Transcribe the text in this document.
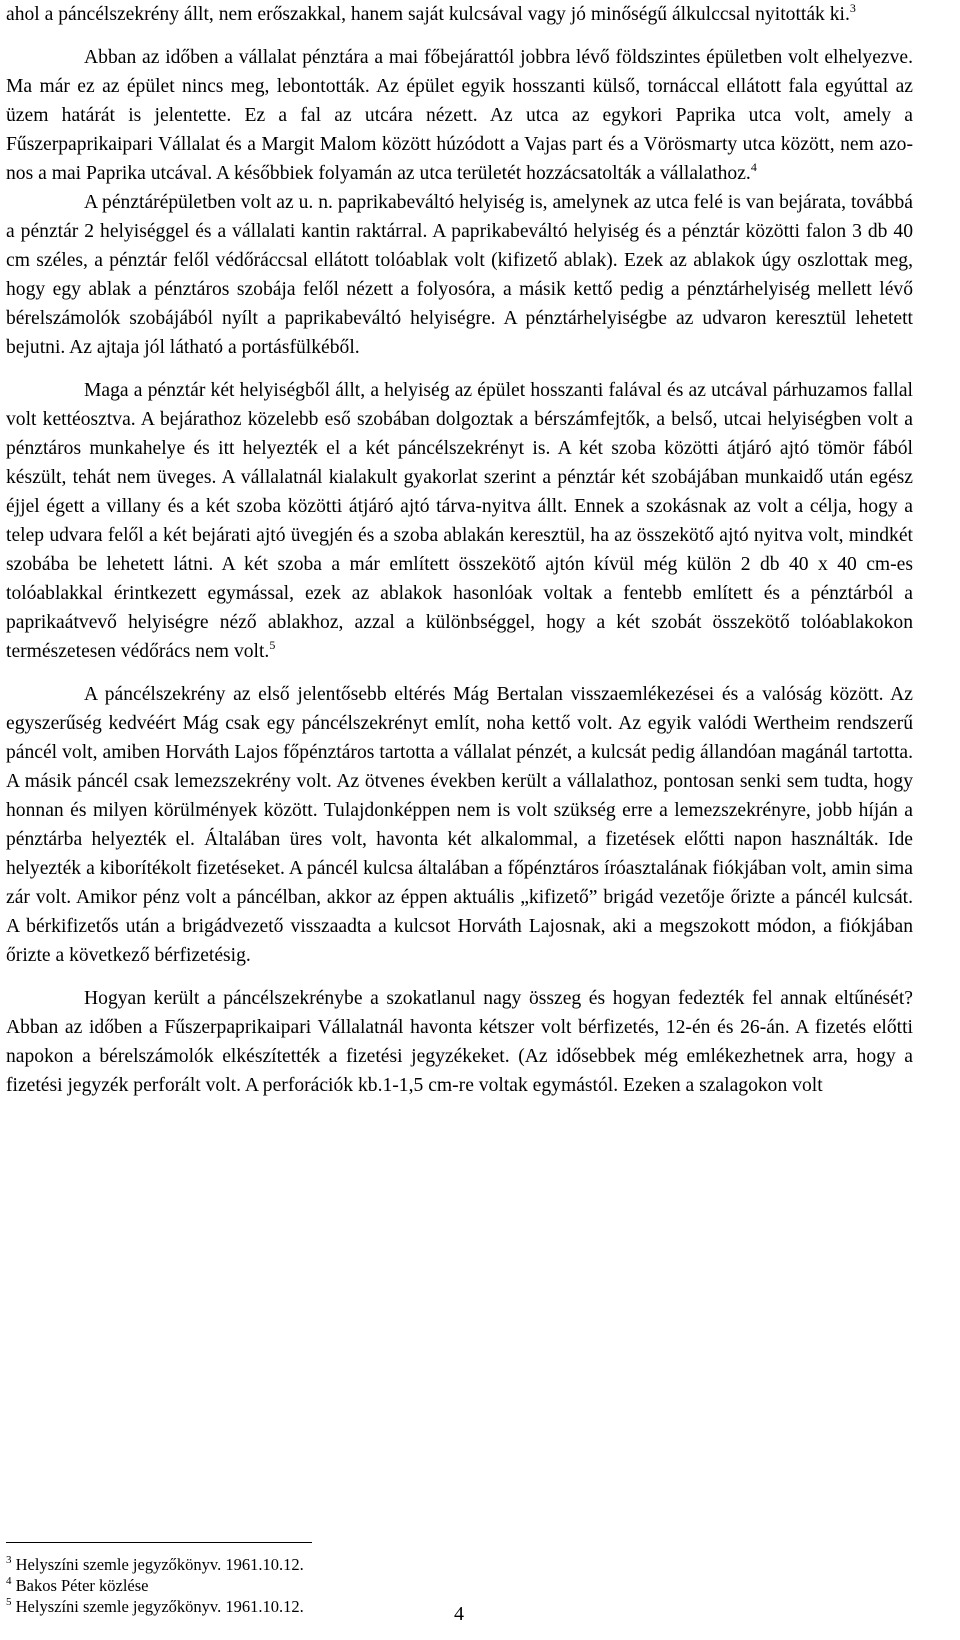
ahol a páncélszekrény állt, nem erőszakkal, hanem saját kulcsával vagy jó minőségű álkulccsal nyitották ki.$^3$

Abban az időben a vállalat pénztára a mai főbejárattól jobbra lévő földszintes épületben volt elhelyezve. Ma már ez az épület nincs meg, lebontották. Az épület egyik hosszanti külső, tornáccal ellátott fala egyúttal az üzem határát is jelentette. Ez a fal az utcára nézett. Az utca az egykori Paprika utca volt, amely a Fűszerpaprikaipari Vállalat és a Margit Malom között húzódott a Vajas part és a Vörösmarty utca között, nem azonos a mai Paprika utcával. A későbbiek folyamán az utca területét hozzácsatolták a vállalathoz.$^4$

A pénztárépületben volt az u. n. paprikabeváltó helyiség is, amelynek az utca felé is van bejárata, továbbá a pénztár 2 helyiséggel és a vállalati kantin raktárral. A paprikabeváltó helyiség és a pénztár közötti falon 3 db 40 cm széles, a pénztár felől védőráccsal ellátott tolóablak volt (kifizető ablak). Ezek az ablakok úgy oszlottak meg, hogy egy ablak a pénztáros szobája felől nézett a folyosóra, a másik kettő pedig a pénztárhelyiség mellett lévő bérelszámolók szobájából nyílt a paprikabeváltó helyiségre. A pénztárhelyiségbe az udvaron keresztül lehetett bejutni. Az ajtaja jól látható a portásfülkéből.

Maga a pénztár két helyiségből állt, a helyiség az épület hosszanti falával és az utcával párhuzamos fallal volt kettéosztva. A bejárathoz közelebb eső szobában dolgoztak a bérszámfejtők, a belső, utcai helyiségben volt a pénztáros munkahelye és itt helyezték el a két páncélszekrényt is. A két szoba közötti átjáró ajtó tömör fából készült, tehát nem üveges. A vállalatnál kialakult gyakorlat szerint a pénztár két szobájában munkaidő után egész éjjel égett a villany és a két szoba közötti átjáró ajtó tárva-nyitva állt. Ennek a szokásnak az volt a célja, hogy a telep udvara felől a két bejárati ajtó üvegjén és a szoba ablakán keresztül, ha az összekötő ajtó nyitva volt, mindkét szobába be lehetett látni. A két szoba a már említett összekötő ajtón kívül még külön 2 db 40 x 40 cm-es tolóablakkal érintkezett egymással, ezek az ablakok hasonlóak voltak a fentebb említett és a pénztárból a paprikaátvevő helyiségre néző ablakhoz, azzal a különbséggel, hogy a két szobát összekötő tolóablakokon természetesen védőrács nem volt.$^5$

A páncélszekrény az első jelentősebb eltérés Mág Bertalan visszaemlékezései és a valóság között. Az egyszerűség kedvéért Mág csak egy páncélszekrényt említ, noha kettő volt. Az egyik valódi Wertheim rendszerű páncél volt, amiben Horváth Lajos főpénztáros tartotta a vállalat pénzét, a kulcsát pedig állandóan magánál tartotta. A másik páncél csak lemezszekrény volt. Az ötvenes években került a vállalathoz, pontosan senki sem tudta, hogy honnan és milyen körülmények között. Tulajdonképpen nem is volt szükség erre a lemezszekrényre, jobb híján a pénztárba helyezték el. Általában üres volt, havonta két alkalommal, a fizetések előtti napon használták. Ide helyezték a kiborítékolt fizetéseket. A páncél kulcsa általában a főpénztáros íróasztalának fiókjában volt, amin sima zár volt. Amikor pénz volt a páncélban, akkor az éppen aktuális „kifizető” brigád vezetője őrizte a páncél kulcsát. A bérkifizetős után a brigádvezető visszaadta a kulcsot Horváth Lajosnak, aki a megszokott módon, a fiókjában őrizte a következő bérfizetésig.

Hogyan került a páncélszekrénybe a szokatlanul nagy összeg és hogyan fedezték fel annak eltűnését? Abban az időben a Fűszerpaprikaipari Vállalatnál havonta kétszer volt bérfizetés, 12-én és 26-án. A fizetés előtti napokon a bérelszámolók elkészítették a fizetési jegyzékeket. (Az idősebbek még emlékezhetnek arra, hogy a fizetési jegyzék perforált volt. A perforációk kb.1-1,5 cm-re voltak egymástól. Ezeken a szalagokon volt

$^3$ Helyszíni szemle jegyzőkönyv. 1961.10.12.

$^4$ Bakos Péter közlése

$^5$ Helyszíni szemle jegyzőkönyv. 1961.10.12.	4
